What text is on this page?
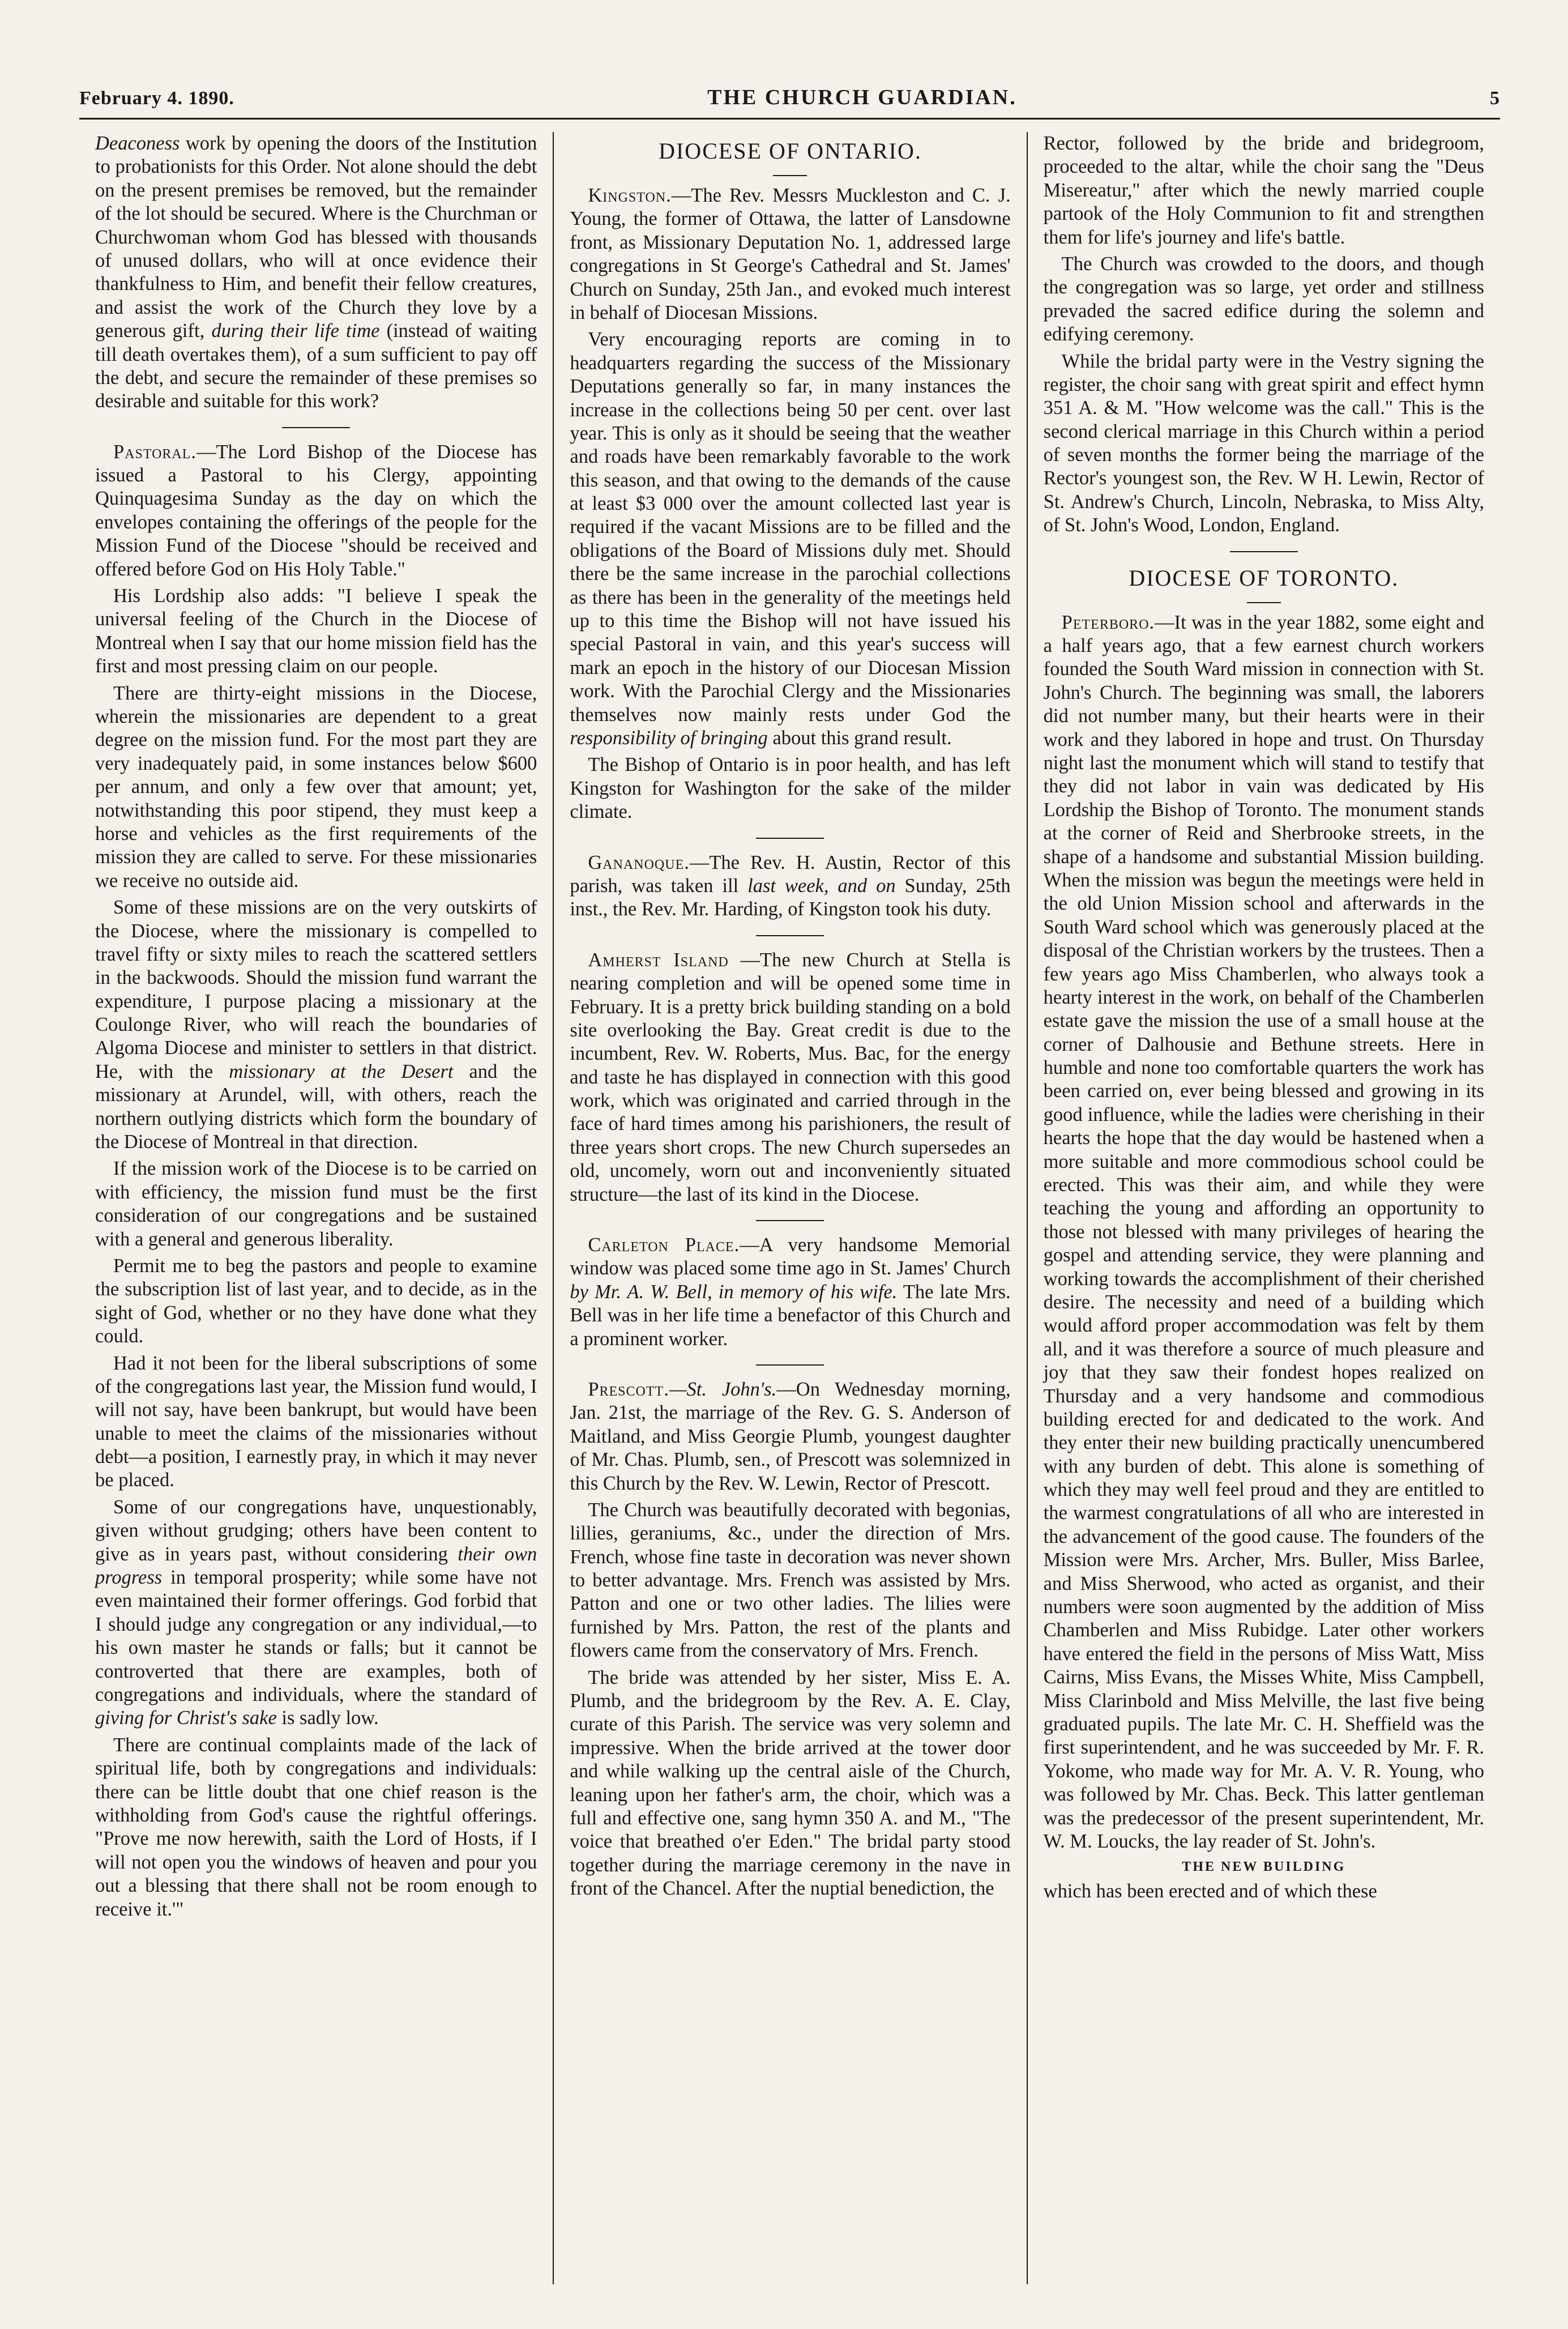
February 4. 1890.	THE CHURCH GUARDIAN.	5

Deaconess work by opening the doors of the Institution to probationists for this Order. Not alone should the debt on the present premises be removed, but the remainder of the lot should be secured. Where is the Churchman or Churchwoman whom God has blessed with thousands of unused dollars, who will at once evidence their thankfulness to Him, and benefit their fellow creatures, and assist the work of the Church they love by a generous gift, during their life time (instead of waiting till death overtakes them), of a sum sufficient to pay off the debt, and secure the remainder of these premises so desirable and suitable for this work?

Pastoral.—The Lord Bishop of the Diocese has issued a Pastoral to his Clergy, appointing Quinquagesima Sunday as the day on which the envelopes containing the offerings of the people for the Mission Fund of the Diocese "should be received and offered before God on His Holy Table."

His Lordship also adds: "I believe I speak the universal feeling of the Church in the Diocese of Montreal when I say that our home mission field has the first and most pressing claim on our people.

There are thirty-eight missions in the Diocese, wherein the missionaries are dependent to a great degree on the mission fund. For the most part they are very inadequately paid, in some instances below $600 per annum, and only a few over that amount; yet, notwithstanding this poor stipend, they must keep a horse and vehicles as the first requirements of the mission they are called to serve. For these missionaries we receive no outside aid.

Some of these missions are on the very outskirts of the Diocese, where the missionary is compelled to travel fifty or sixty miles to reach the scattered settlers in the backwoods. Should the mission fund warrant the expenditure, I purpose placing a missionary at the Coulonge River, who will reach the boundaries of Algoma Diocese and minister to settlers in that district. He, with the missionary at the Desert and the missionary at Arundel, will, with others, reach the northern outlying districts which form the boundary of the Diocese of Montreal in that direction.

If the mission work of the Diocese is to be carried on with efficiency, the mission fund must be the first consideration of our congregations and be sustained with a general and generous liberality.

Permit me to beg the pastors and people to examine the subscription list of last year, and to decide, as in the sight of God, whether or no they have done what they could.

Had it not been for the liberal subscriptions of some of the congregations last year, the Mission fund would, I will not say, have been bankrupt, but would have been unable to meet the claims of the missionaries without debt—a position, I earnestly pray, in which it may never be placed.

Some of our congregations have, unquestionably, given without grudging; others have been content to give as in years past, without considering their own progress in temporal prosperity; while some have not even maintained their former offerings. God forbid that I should judge any congregation or any individual,—to his own master he stands or falls; but it cannot be controverted that there are examples, both of congregations and individuals, where the standard of giving for Christ's sake is sadly low.

There are continual complaints made of the lack of spiritual life, both by congregations and individuals: there can be little doubt that one chief reason is the withholding from God's cause the rightful offerings. "Prove me now herewith, saith the Lord of Hosts, if I will not open you the windows of heaven and pour you out a blessing that there shall not be room enough to receive it.'"

DIOCESE OF ONTARIO.

Kingston.—The Rev. Messrs Muckleston and C. J. Young, the former of Ottawa, the latter of Lansdowne front, as Missionary Deputation No. 1, addressed large congregations in St George's Cathedral and St. James' Church on Sunday, 25th Jan., and evoked much interest in behalf of Diocesan Missions.

Very encouraging reports are coming in to headquarters regarding the success of the Missionary Deputations generally so far, in many instances the increase in the collections being 50 per cent. over last year. This is only as it should be seeing that the weather and roads have been remarkably favorable to the work this season, and that owing to the demands of the cause at least $3 000 over the amount collected last year is required if the vacant Missions are to be filled and the obligations of the Board of Missions duly met. Should there be the same increase in the parochial collections as there has been in the generality of the meetings held up to this time the Bishop will not have issued his special Pastoral in vain, and this year's success will mark an epoch in the history of our Diocesan Mission work. With the Parochial Clergy and the Missionaries themselves now mainly rests under God the responsibility of bringing about this grand result.

The Bishop of Ontario is in poor health, and has left Kingston for Washington for the sake of the milder climate.

Gananoque.—The Rev. H. Austin, Rector of this parish, was taken ill last week, and on Sunday, 25th inst., the Rev. Mr. Harding, of Kingston took his duty.

Amherst Island —The new Church at Stella is nearing completion and will be opened some time in February. It is a pretty brick building standing on a bold site overlooking the Bay. Great credit is due to the incumbent, Rev. W. Roberts, Mus. Bac, for the energy and taste he has displayed in connection with this good work, which was originated and carried through in the face of hard times among his parishioners, the result of three years short crops. The new Church supersedes an old, uncomely, worn out and inconveniently situated structure—the last of its kind in the Diocese.

Carleton Place.—A very handsome Memorial window was placed some time ago in St. James' Church by Mr. A. W. Bell, in memory of his wife. The late Mrs. Bell was in her life time a benefactor of this Church and a prominent worker.

Prescott.—St. John's.—On Wednesday morning, Jan. 21st, the marriage of the Rev. G. S. Anderson of Maitland, and Miss Georgie Plumb, youngest daughter of Mr. Chas. Plumb, sen., of Prescott was solemnized in this Church by the Rev. W. Lewin, Rector of Prescott.

The Church was beautifully decorated with begonias, lillies, geraniums, &c., under the direction of Mrs. French, whose fine taste in decoration was never shown to better advantage. Mrs. French was assisted by Mrs. Patton and one or two other ladies. The lilies were furnished by Mrs. Patton, the rest of the plants and flowers came from the conservatory of Mrs. French.

The bride was attended by her sister, Miss E. A. Plumb, and the bridegroom by the Rev. A. E. Clay, curate of this Parish. The service was very solemn and impressive. When the bride arrived at the tower door and while walking up the central aisle of the Church, leaning upon her father's arm, the choir, which was a full and effective one, sang hymn 350 A. and M., "The voice that breathed o'er Eden." The bridal party stood together during the marriage ceremony in the nave in front of the Chancel. After the nuptial benediction, the

Rector, followed by the bride and bridegroom, proceeded to the altar, while the choir sang the "Deus Misereatur," after which the newly married couple partook of the Holy Communion to fit and strengthen them for life's journey and life's battle.

The Church was crowded to the doors, and though the congregation was so large, yet order and stillness prevaded the sacred edifice during the solemn and edifying ceremony.

While the bridal party were in the Vestry signing the register, the choir sang with great spirit and effect hymn 351 A. & M. "How welcome was the call." This is the second clerical marriage in this Church within a period of seven months the former being the marriage of the Rector's youngest son, the Rev. W H. Lewin, Rector of St. Andrew's Church, Lincoln, Nebraska, to Miss Alty, of St. John's Wood, London, England.

DIOCESE OF TORONTO.

Peterboro.—It was in the year 1882, some eight and a half years ago, that a few earnest church workers founded the South Ward mission in connection with St. John's Church. The beginning was small, the laborers did not number many, but their hearts were in their work and they labored in hope and trust. On Thursday night last the monument which will stand to testify that they did not labor in vain was dedicated by His Lordship the Bishop of Toronto. The monument stands at the corner of Reid and Sherbrooke streets, in the shape of a handsome and substantial Mission building. When the mission was begun the meetings were held in the old Union Mission school and afterwards in the South Ward school which was generously placed at the disposal of the Christian workers by the trustees. Then a few years ago Miss Chamberlen, who always took a hearty interest in the work, on behalf of the Chamberlen estate gave the mission the use of a small house at the corner of Dalhousie and Bethune streets. Here in humble and none too comfortable quarters the work has been carried on, ever being blessed and growing in its good influence, while the ladies were cherishing in their hearts the hope that the day would be hastened when a more suitable and more commodious school could be erected. This was their aim, and while they were teaching the young and affording an opportunity to those not blessed with many privileges of hearing the gospel and attending service, they were planning and working towards the accomplishment of their cherished desire. The necessity and need of a building which would afford proper accommodation was felt by them all, and it was therefore a source of much pleasure and joy that they saw their fondest hopes realized on Thursday and a very handsome and commodious building erected for and dedicated to the work. And they enter their new building practically unencumbered with any burden of debt. This alone is something of which they may well feel proud and they are entitled to the warmest congratulations of all who are interested in the advancement of the good cause. The founders of the Mission were Mrs. Archer, Mrs. Buller, Miss Barlee, and Miss Sherwood, who acted as organist, and their numbers were soon augmented by the addition of Miss Chamberlen and Miss Rubidge. Later other workers have entered the field in the persons of Miss Watt, Miss Cairns, Miss Evans, the Misses White, Miss Campbell, Miss Clarinbold and Miss Melville, the last five being graduated pupils. The late Mr. C. H. Sheffield was the first superintendent, and he was succeeded by Mr. F. R. Yokome, who made way for Mr. A. V. R. Young, who was followed by Mr. Chas. Beck. This latter gentleman was the predecessor of the present superintendent, Mr. W. M. Loucks, the lay reader of St. John's.

THE NEW BUILDING

which has been erected and of which these
